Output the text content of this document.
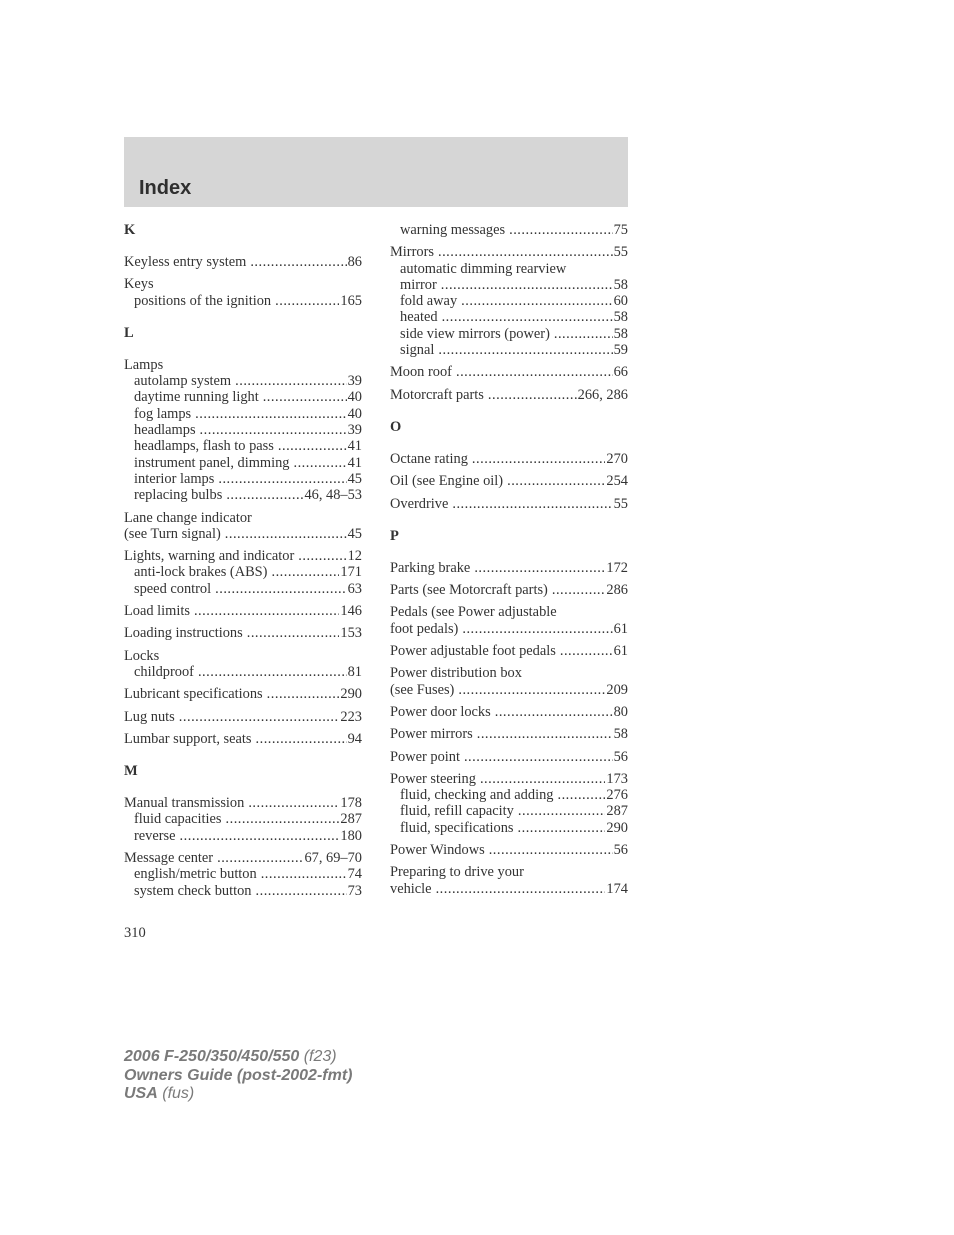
Index
K
Keyless entry system .....	86
Keys
positions of the ignition .....	165
L
Lamps
autolamp system .....	39
daytime running light .....	40
fog lamps .....	40
headlamps .....	39
headlamps, flash to pass .....	41
instrument panel, dimming .....	41
interior lamps .....	45
replacing bulbs .....	46, 48–53
Lane change indicator
(see Turn signal) .....	45
Lights, warning and indicator .....	12
anti-lock brakes (ABS) .....	171
speed control .....	63
Load limits .....	146
Loading instructions .....	153
Locks
childproof .....	81
Lubricant specifications .....	290
Lug nuts .....	223
Lumbar support, seats .....	94
M
Manual transmission .....	178
fluid capacities .....	287
reverse .....	180
Message center .....	67, 69–70
english/metric button .....	74
system check button .....	73
warning messages .....	75
Mirrors .....	55
automatic dimming rearview
mirror .....	58
fold away .....	60
heated .....	58
side view mirrors (power) .....	58
signal .....	59
Moon roof .....	66
Motorcraft parts .....	266, 286
O
Octane rating .....	270
Oil (see Engine oil) .....	254
Overdrive .....	55
P
Parking brake .....	172
Parts (see Motorcraft parts) .....	286
Pedals (see Power adjustable
foot pedals) .....	61
Power adjustable foot pedals .....	61
Power distribution box
(see Fuses) .....	209
Power door locks .....	80
Power mirrors .....	58
Power point .....	56
Power steering .....	173
fluid, checking and adding .....	276
fluid, refill capacity .....	287
fluid, specifications .....	290
Power Windows .....	56
Preparing to drive your
vehicle .....	174
310
2006 F-250/350/450/550 (f23)
Owners Guide (post-2002-fmt)
USA (fus)
